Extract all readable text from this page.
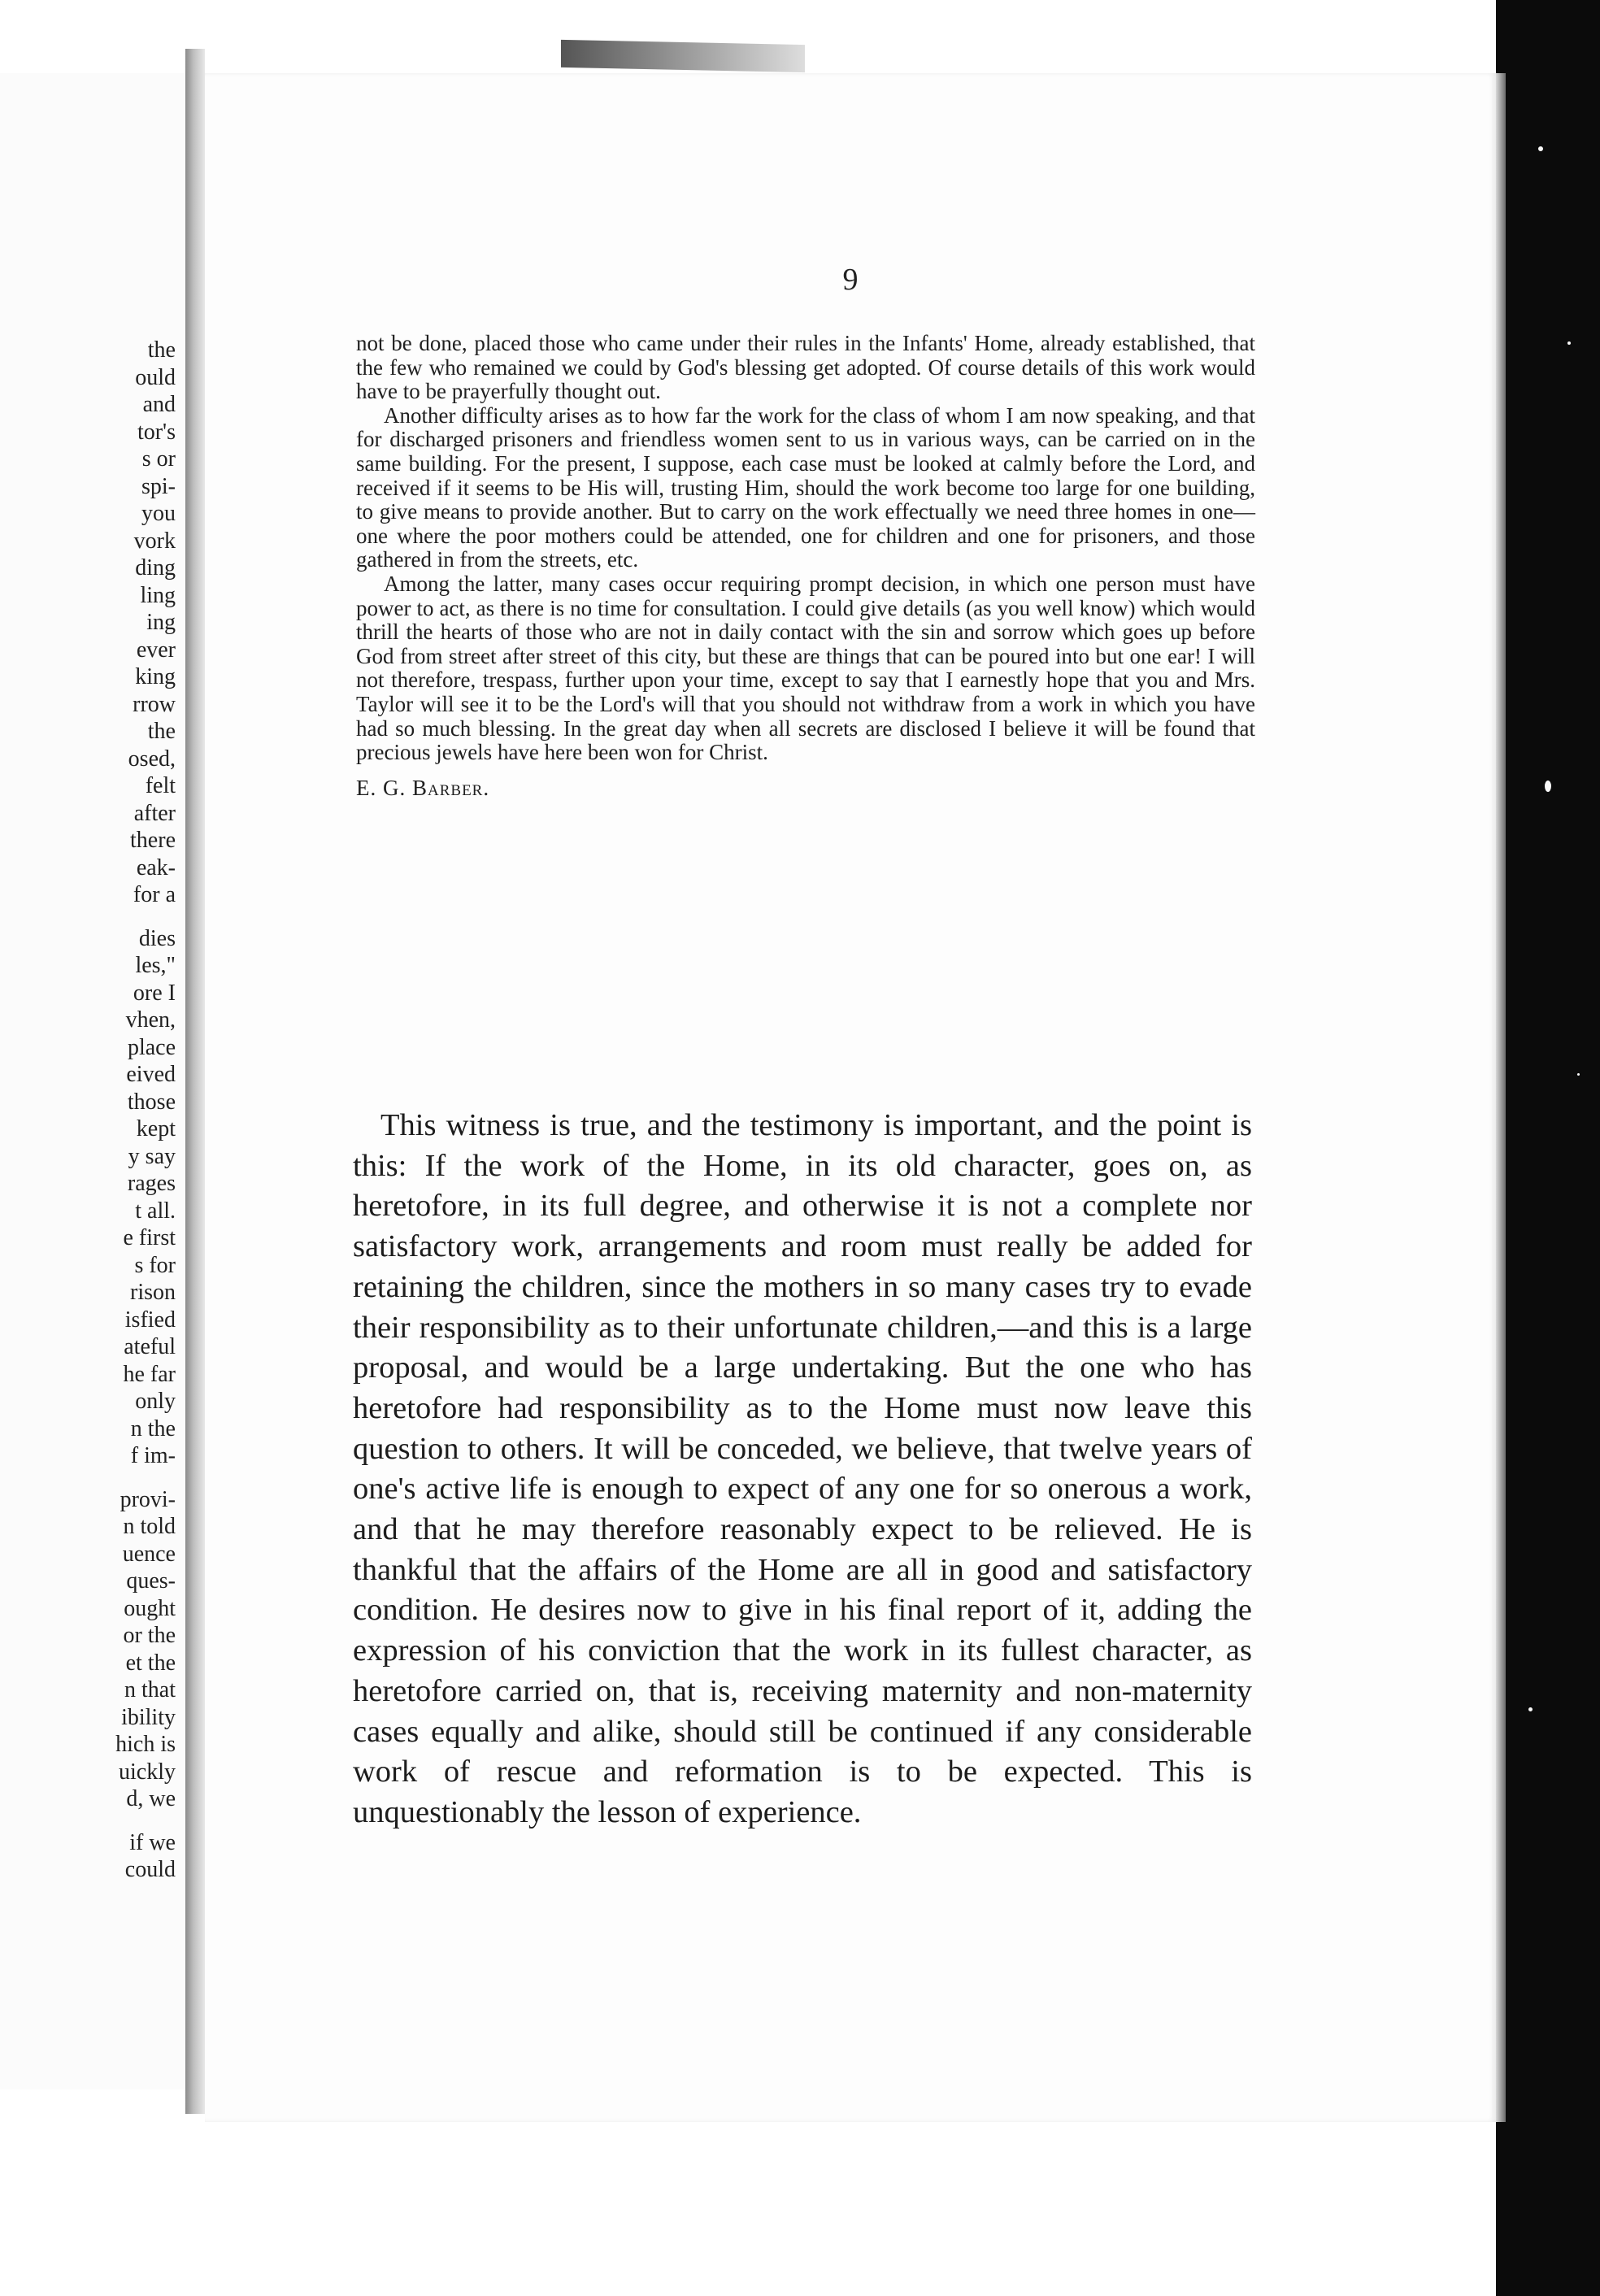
the
ould
and
tor's
s or
spi-
you
vork
ding
ling
ing
ever
king
rrow
the
osed,
felt
after
there
eak-
for a
dies
les,"
ore I
vhen,
place
eived
those
kept
y say
rages
t all.
e first
s for
rison
isfied
ateful
he far
only
n the
f im-
provi-
n told
uence
ques-
ought
or the
et the
n that
ibility
hich is
uickly
d, we
if we
could
9

not be done, placed those who came under their rules in the Infants' Home, already established, that the few who remained we could by God's blessing get adopted. Of course details of this work would have to be prayerfully thought out.

Another difficulty arises as to how far the work for the class of whom I am now speaking, and that for discharged prisoners and friendless women sent to us in various ways, can be carried on in the same building. For the present, I suppose, each case must be looked at calmly before the Lord, and received if it seems to be His will, trusting Him, should the work become too large for one building, to give means to provide another. But to carry on the work effectually we need three homes in one—one where the poor mothers could be attended, one for children and one for prisoners, and those gathered in from the streets, etc.

Among the latter, many cases occur requiring prompt decision, in which one person must have power to act, as there is no time for consultation. I could give details (as you well know) which would thrill the hearts of those who are not in daily contact with the sin and sorrow which goes up before God from street after street of this city, but these are things that can be poured into but one ear! I will not therefore, trespass, further upon your time, except to say that I earnestly hope that you and Mrs. Taylor will see it to be the Lord's will that you should not withdraw from a work in which you have had so much blessing. In the great day when all secrets are disclosed I believe it will be found that precious jewels have here been won for Christ.

E. G. Barber.

This witness is true, and the testimony is important, and the point is this: If the work of the Home, in its old character, goes on, as heretofore, in its full degree, and otherwise it is not a complete nor satisfactory work, arrangements and room must really be added for retaining the children, since the mothers in so many cases try to evade their responsibility as to their unfortunate children,—and this is a large proposal, and would be a large undertaking. But the one who has heretofore had responsibility as to the Home must now leave this question to others. It will be conceded, we believe, that twelve years of one's active life is enough to expect of any one for so onerous a work, and that he may therefore reasonably expect to be relieved. He is thankful that the affairs of the Home are all in good and satisfactory condition. He desires now to give in his final report of it, adding the expression of his conviction that the work in its fullest character, as heretofore carried on, that is, receiving maternity and non-maternity cases equally and alike, should still be continued if any considerable work of rescue and reformation is to be expected. This is unquestionably the lesson of experience.
